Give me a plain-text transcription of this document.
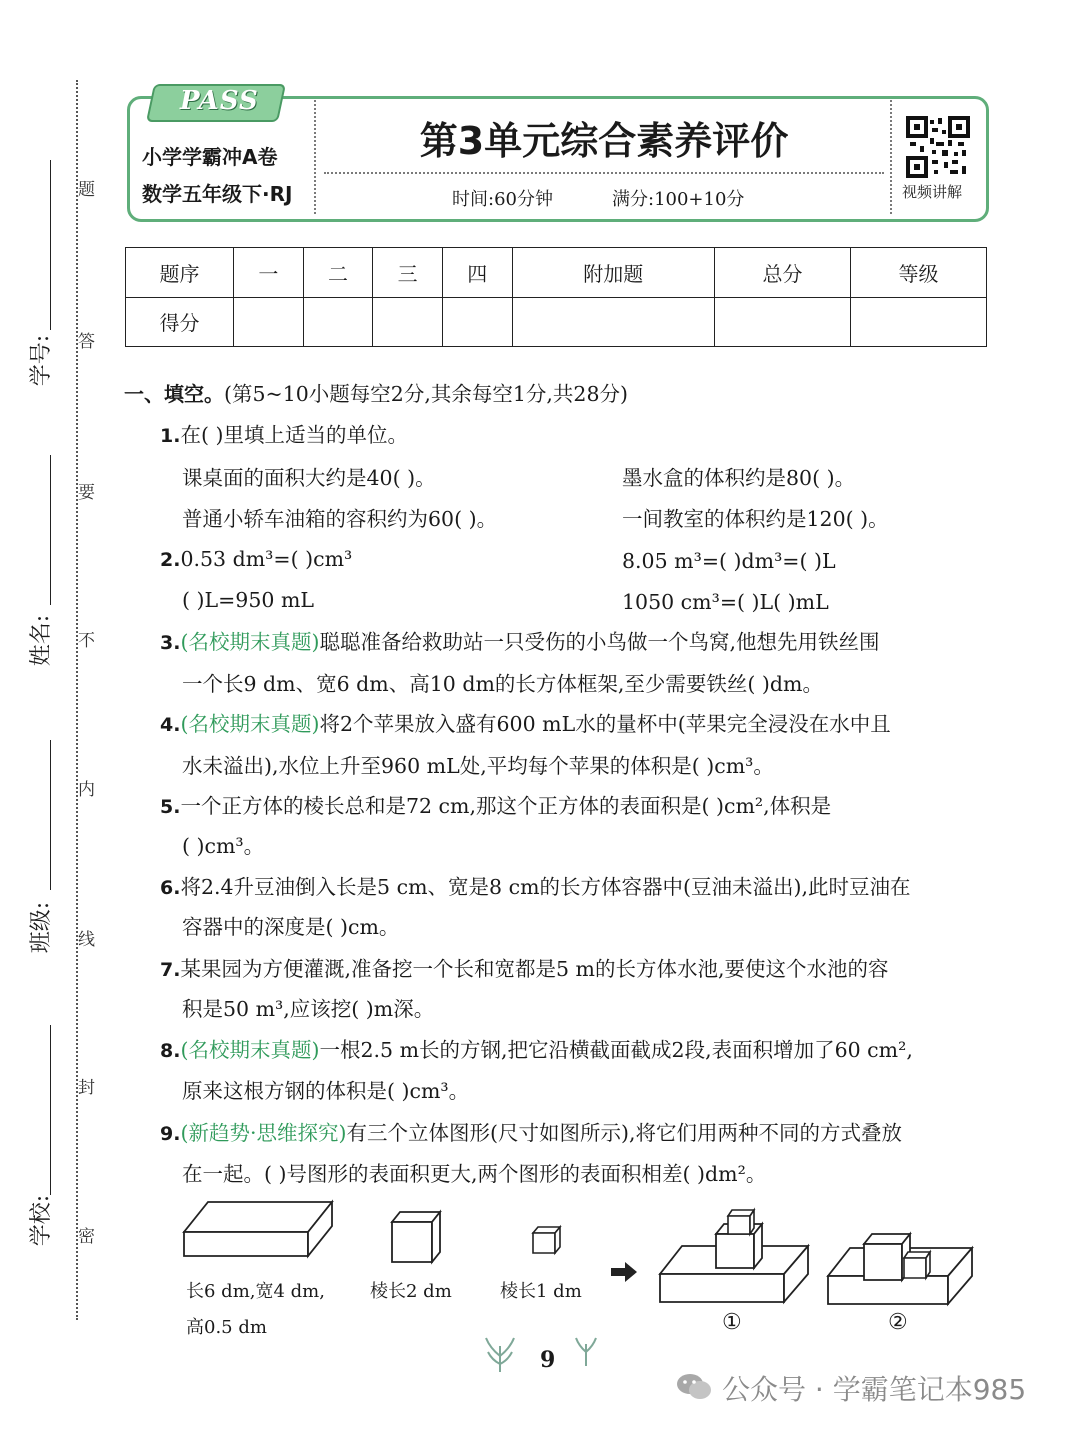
题
答
要
不
内
线
封
密
学号:
姓名:
班级:
学校:
PASS
小学学霸冲A卷
数学五年级下·RJ
第3单元综合素养评价
时间:60分钟	满分:100+10分	视频讲解
题序	一	二	三	四	附加题	总分	等级
得分							
一、填空。(第5~10小题每空2分,其余每空1分,共28分)
1.在( )里填上适当的单位。
课桌面的面积大约是40( )。	墨水盒的体积约是80( )。
普通小轿车油箱的容积约为60( )。	一间教室的体积约是120( )。
2.0.53 dm³=( )cm³	8.05 m³=( )dm³=( )L
( )L=950 mL	1050 cm³=( )L( )mL
3.(名校期末真题)聪聪准备给救助站一只受伤的小鸟做一个鸟窝,他想先用铁丝围
一个长9 dm、宽6 dm、高10 dm的长方体框架,至少需要铁丝( )dm。
4.(名校期末真题)将2个苹果放入盛有600 mL水的量杯中(苹果完全浸没在水中且
水未溢出),水位上升至960 mL处,平均每个苹果的体积是( )cm³。
5.一个正方体的棱长总和是72 cm,那这个正方体的表面积是( )cm²,体积是
( )cm³。
6.将2.4升豆油倒入长是5 cm、宽是8 cm的长方体容器中(豆油未溢出),此时豆油在
容器中的深度是( )cm。
7.某果园为方便灌溉,准备挖一个长和宽都是5 m的长方体水池,要使这个水池的容
积是50 m³,应该挖( )m深。
8.(名校期末真题)一根2.5 m长的方钢,把它沿横截面截成2段,表面积增加了60 cm²,
原来这根方钢的体积是( )cm³。
9.(新趋势·思维探究)有三个立体图形(尺寸如图所示),将它们用两种不同的方式叠放
在一起。( )号图形的表面积更大,两个图形的表面积相差( )dm²。
长6 dm,宽4 dm,
高0.5 dm
棱长2 dm	棱长1 dm
①	②
9
公众号 · 学霸笔记本985
